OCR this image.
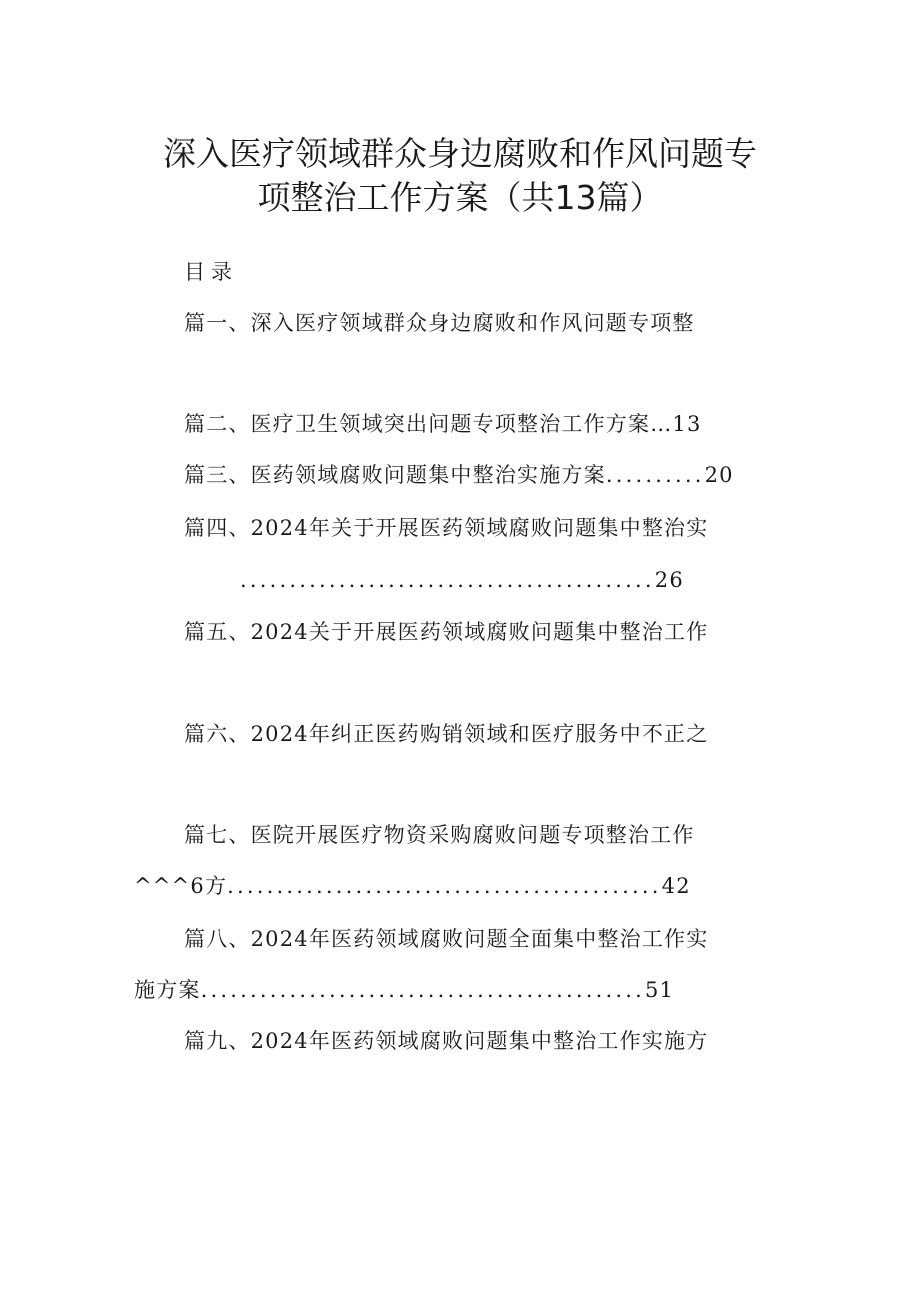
深入医疗领域群众身边腐败和作风问题专
项整治工作方案（共13篇）
目录
篇一、深入医疗领域群众身边腐败和作风问题专项整
篇二、医疗卫生领域突出问题专项整治工作方案…13
篇三、医药领域腐败问题集中整治实施方案..........20
篇四、2024年关于开展医药领域腐败问题集中整治实
..........................................26
篇五、2024关于开展医药领域腐败问题集中整治工作
篇六、2024年纠正医药购销领域和医疗服务中不正之
篇七、医院开展医疗物资采购腐败问题专项整治工作
^^^6方............................................42
篇八、2024年医药领域腐败问题全面集中整治工作实
施方案.............................................51
篇九、2024年医药领域腐败问题集中整治工作实施方
